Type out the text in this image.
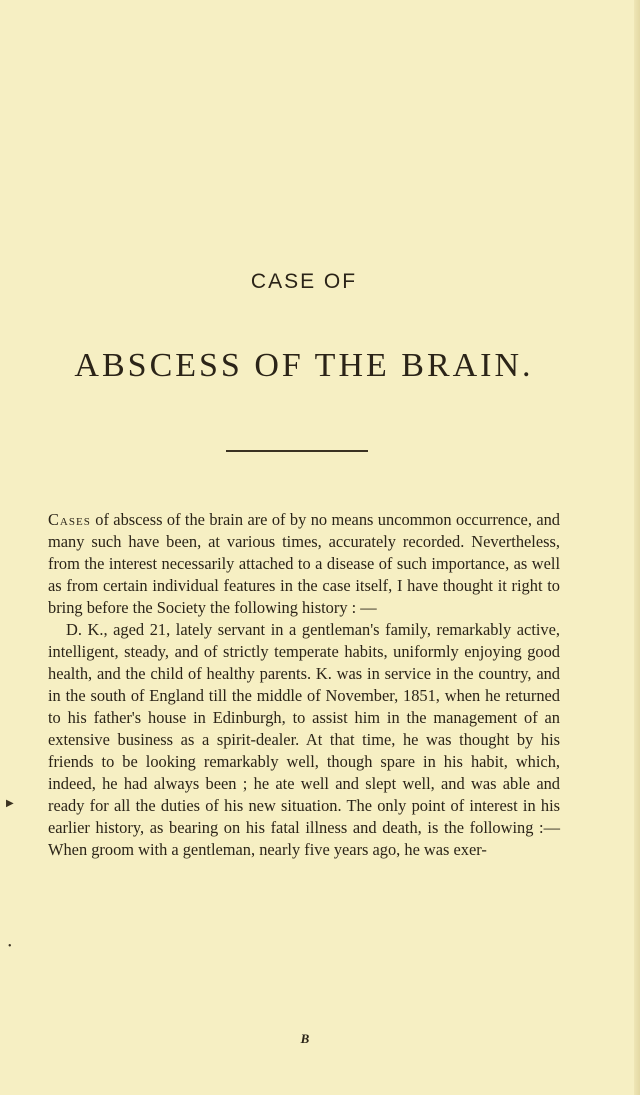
CASE OF
ABSCESS OF THE BRAIN.

Cases of abscess of the brain are of by no means uncommon occurrence, and many such have been, at various times, accurately recorded. Nevertheless, from the interest necessarily attached to a disease of such importance, as well as from certain individual features in the case itself, I have thought it right to bring before the Society the following history : —

D. K., aged 21, lately servant in a gentleman's family, remarkably active, intelligent, steady, and of strictly temperate habits, uniformly enjoying good health, and the child of healthy parents. K. was in service in the country, and in the south of England till the middle of November, 1851, when he returned to his father's house in Edinburgh, to assist him in the management of an extensive business as a spirit-dealer. At that time, he was thought by his friends to be looking remarkably well, though spare in his habit, which, indeed, he had always been ; he ate well and slept well, and was able and ready for all the duties of his new situation. The only point of interest in his earlier history, as bearing on his fatal illness and death, is the following :—When groom with a gentleman, nearly five years ago, he was exer-

▶
•
B
